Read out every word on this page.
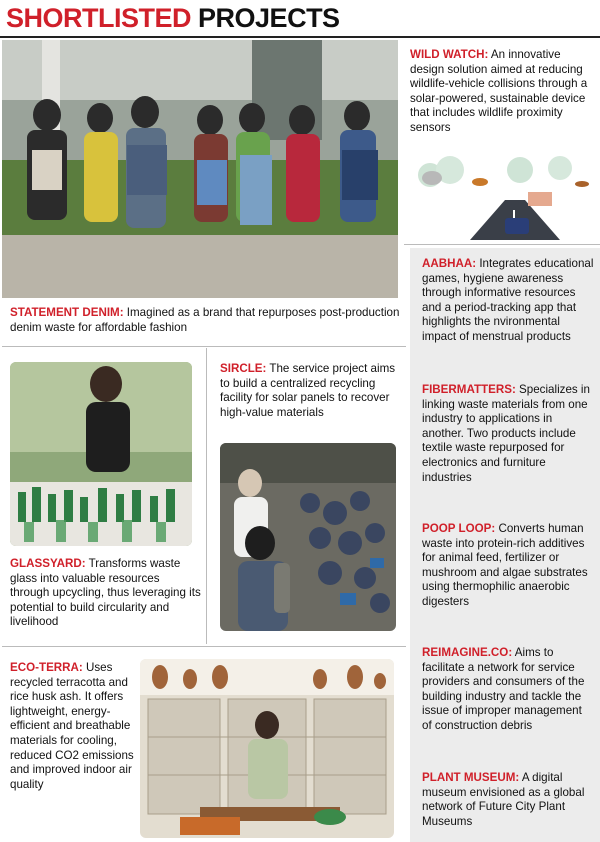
SHORTLISTED PROJECTS
WILD WATCH: An innovative design solution aimed at reducing wildlife-vehicle collisions through a solar-powered, sustainable device that includes wildlife proximity sensors
AABHAA: Integrates educational games, hygiene awareness through informative resources and a period-tracking app that highlights the nvironmental impact of menstrual products
FIBERMATTERS: Specializes in linking waste materials from one industry to applications in another. Two products include textile waste repurposed for electronics and furniture industries
POOP LOOP: Converts human waste into protein-rich additives for animal feed, fertilizer or mushroom and algae substrates using thermophilic anaerobic digesters
REIMAGINE.CO: Aims to facilitate a network for service providers and consumers of the building industry and tackle the issue of improper management of construction debris
PLANT MUSEUM: A digital museum envisioned as a global network of Future City Plant Museums
STATEMENT DENIM: Imagined as a brand that repurposes post-production denim waste for affordable fashion
GLASSYARD: Transforms waste glass into valuable resources through upcycling, thus leveraging its potential to build circularity and livelihood
SIRCLE: The service project aims to build a centralized recycling facility for solar panels to recover high-value materials
ECO-TERRA: Uses recycled terracotta and rice husk ash. It offers lightweight, energy-efficient and breathable materials for cooling, reduced CO2 emissions and improved indoor air quality
